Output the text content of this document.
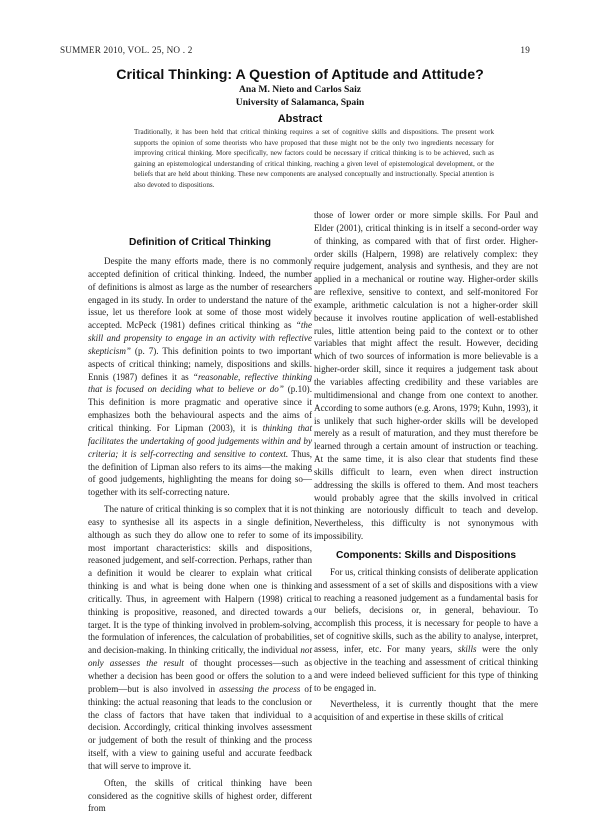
SUMMER 2010, VOL. 25, NO . 2	19
Critical Thinking: A Question of Aptitude and Attitude?
Ana M. Nieto and Carlos Saiz
University of Salamanca, Spain
Abstract
Traditionally, it has been held that critical thinking requires a set of cognitive skills and dispositions. The present work supports the opinion of some theorists who have proposed that these might not be the only two ingredients necessary for improving critical thinking. More specifically, new factors could be necessary if critical thinking is to be achieved, such as gaining an epistemological understanding of critical thinking, reaching a given level of epistemological development, or the beliefs that are held about thinking. These new components are analysed conceptually and instructionally. Special attention is also devoted to dispositions.
Definition of Critical Thinking

Despite the many efforts made, there is no commonly accepted definition of critical thinking. Indeed, the number of definitions is almost as large as the number of researchers engaged in its study. In order to understand the nature of the issue, let us therefore look at some of those most widely accepted. McPeck (1981) defines critical thinking as “the skill and propensity to engage in an activity with reflective skepticism” (p. 7). This definition points to two important aspects of critical thinking; namely, dispositions and skills. Ennis (1987) defines it as “reasonable, reflective thinking that is focused on deciding what to believe or do” (p.10). This definition is more pragmatic and operative since it emphasizes both the behavioural aspects and the aims of critical thinking. For Lipman (2003), it is thinking that facilitates the undertaking of good judgements within and by criteria; it is self-correcting and sensitive to context. Thus, the definition of Lipman also refers to its aims—the making of good judgements, highlighting the means for doing so— together with its self-correcting nature.

The nature of critical thinking is so complex that it is not easy to synthesise all its aspects in a single definition, although as such they do allow one to refer to some of its most important characteristics: skills and dispositions, reasoned judgement, and self-correction. Perhaps, rather than a definition it would be clearer to explain what critical thinking is and what is being done when one is thinking critically. Thus, in agreement with Halpern (1998) critical thinking is propositive, reasoned, and directed towards a target. It is the type of thinking involved in problem-solving, the formulation of inferences, the calculation of probabilities, and decision-making. In thinking critically, the individual not only assesses the result of thought processes—such as whether a decision has been good or offers the solution to a problem—but is also involved in assessing the process of thinking: the actual reasoning that leads to the conclusion or the class of factors that have taken that individual to a decision. Accordingly, critical thinking involves assessment or judgement of both the result of thinking and the process itself, with a view to gaining useful and accurate feedback that will serve to improve it.

Often, the skills of critical thinking have been considered as the cognitive skills of highest order, different from

those of lower order or more simple skills. For Paul and Elder (2001), critical thinking is in itself a second-order way of thinking, as compared with that of first order. Higher-order skills (Halpern, 1998) are relatively complex: they require judgement, analysis and synthesis, and they are not applied in a mechanical or routine way. Higher-order skills are reflexive, sensitive to context, and self-monitored For example, arithmetic calculation is not a higher-order skill because it involves routine application of well-established rules, little attention being paid to the context or to other variables that might affect the result. However, deciding which of two sources of information is more believable is a higher-order skill, since it requires a judgement task about the variables affecting credibility and these variables are multidimensional and change from one context to another. According to some authors (e.g. Arons, 1979; Kuhn, 1993), it is unlikely that such higher-order skills will be developed merely as a result of maturation, and they must therefore be learned through a certain amount of instruction or teaching. At the same time, it is also clear that students find these skills difficult to learn, even when direct instruction addressing the skills is offered to them. And most teachers would probably agree that the skills involved in critical thinking are notoriously difficult to teach and develop. Nevertheless, this difficulty is not synonymous with impossibility.

Components: Skills and Dispositions

For us, critical thinking consists of deliberate application and assessment of a set of skills and dispositions with a view to reaching a reasoned judgement as a fundamental basis for our beliefs, decisions or, in general, behaviour. To accomplish this process, it is necessary for people to have a set of cognitive skills, such as the ability to analyse, interpret, assess, infer, etc. For many years, skills were the only objective in the teaching and assessment of critical thinking and were indeed believed sufficient for this type of thinking to be engaged in.

Nevertheless, it is currently thought that the mere acquisition of and expertise in these skills of critical
